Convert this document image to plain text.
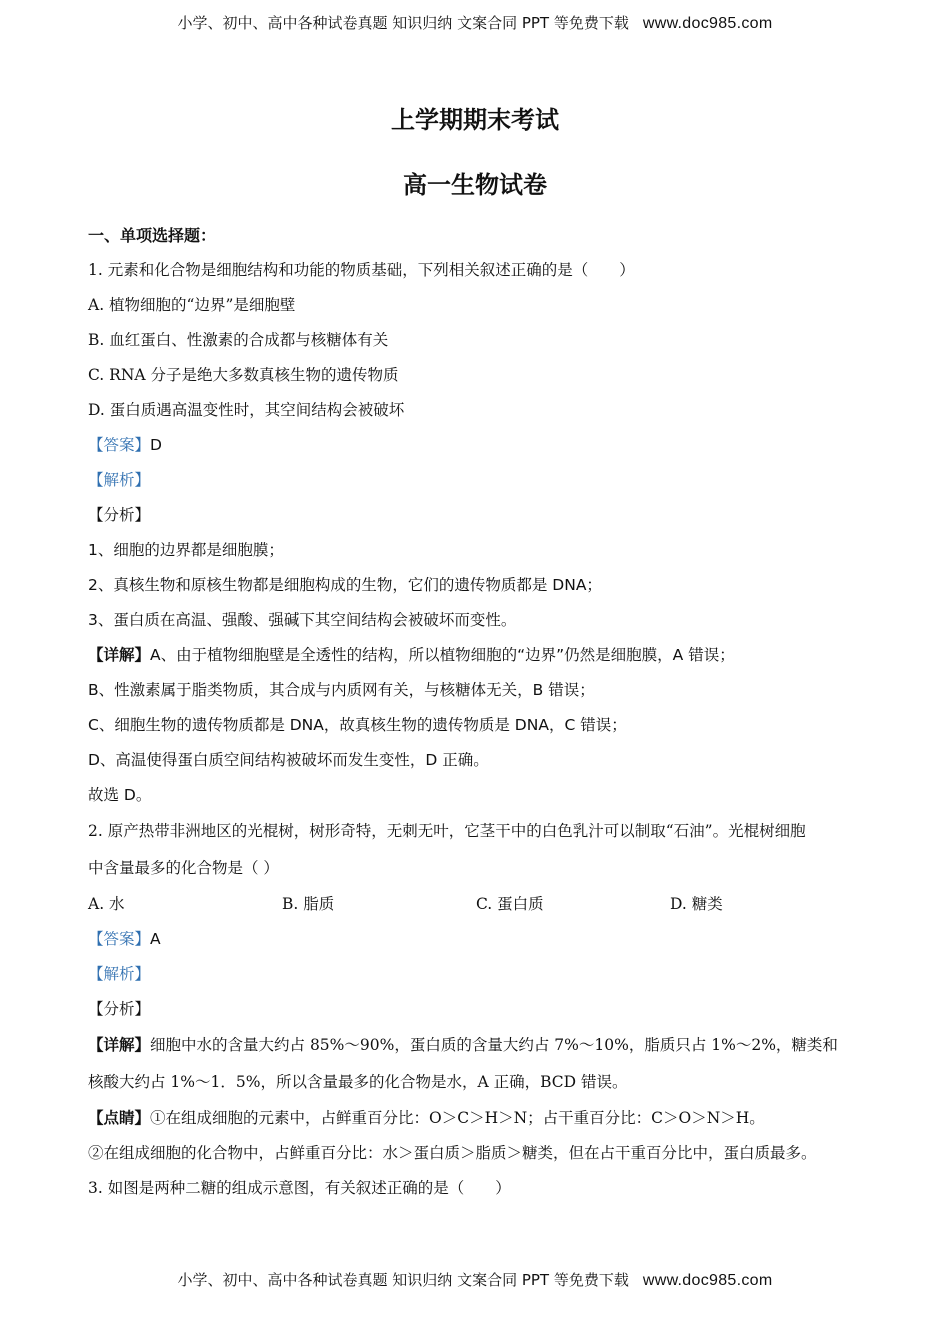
小学、初中、高中各种试卷真题 知识归纳 文案合同 PPT 等免费下载 www.doc985.com
上学期期末考试
高一生物试卷
一、单项选择题：
1. 元素和化合物是细胞结构和功能的物质基础，下列相关叙述正确的是（　　）
A. 植物细胞的“边界”是细胞壁
B. 血红蛋白、性激素的合成都与核糖体有关
C. RNA 分子是绝大多数真核生物的遗传物质
D. 蛋白质遇高温变性时，其空间结构会被破坏
【答案】D
【解析】
【分析】
1、细胞的边界都是细胞膜；
2、真核生物和原核生物都是细胞构成的生物，它们的遗传物质都是 DNA；
3、蛋白质在高温、强酸、强碱下其空间结构会被破坏而变性。
【详解】A、由于植物细胞壁是全透性的结构，所以植物细胞的“边界”仍然是细胞膜，A 错误；
B、性激素属于脂类物质，其合成与内质网有关，与核糖体无关，B 错误；
C、细胞生物的遗传物质都是 DNA，故真核生物的遗传物质是 DNA，C 错误；
D、高温使得蛋白质空间结构被破坏而发生变性，D 正确。
故选 D。
2. 原产热带非洲地区的光棍树，树形奇特，无刺无叶，它茎干中的白色乳汁可以制取“石油”。光棍树细胞
中含量最多的化合物是（ ）
A. 水	B. 脂质	C. 蛋白质	D. 糖类
【答案】A
【解析】
【分析】
【详解】细胞中水的含量大约占 85%～90%，蛋白质的含量大约占 7%～10%，脂质只占 1%～2%，糖类和
核酸大约占 1%～1．5%，所以含量最多的化合物是水，A 正确，BCD 错误。
【点睛】①在组成细胞的元素中，占鲜重百分比：O＞C＞H＞N；占干重百分比：C＞O＞N＞H。
②在组成细胞的化合物中，占鲜重百分比：水＞蛋白质＞脂质＞糖类，但在占干重百分比中，蛋白质最多。
3. 如图是两种二糖的组成示意图，有关叙述正确的是（　　）
小学、初中、高中各种试卷真题 知识归纳 文案合同 PPT 等免费下载 www.doc985.com
